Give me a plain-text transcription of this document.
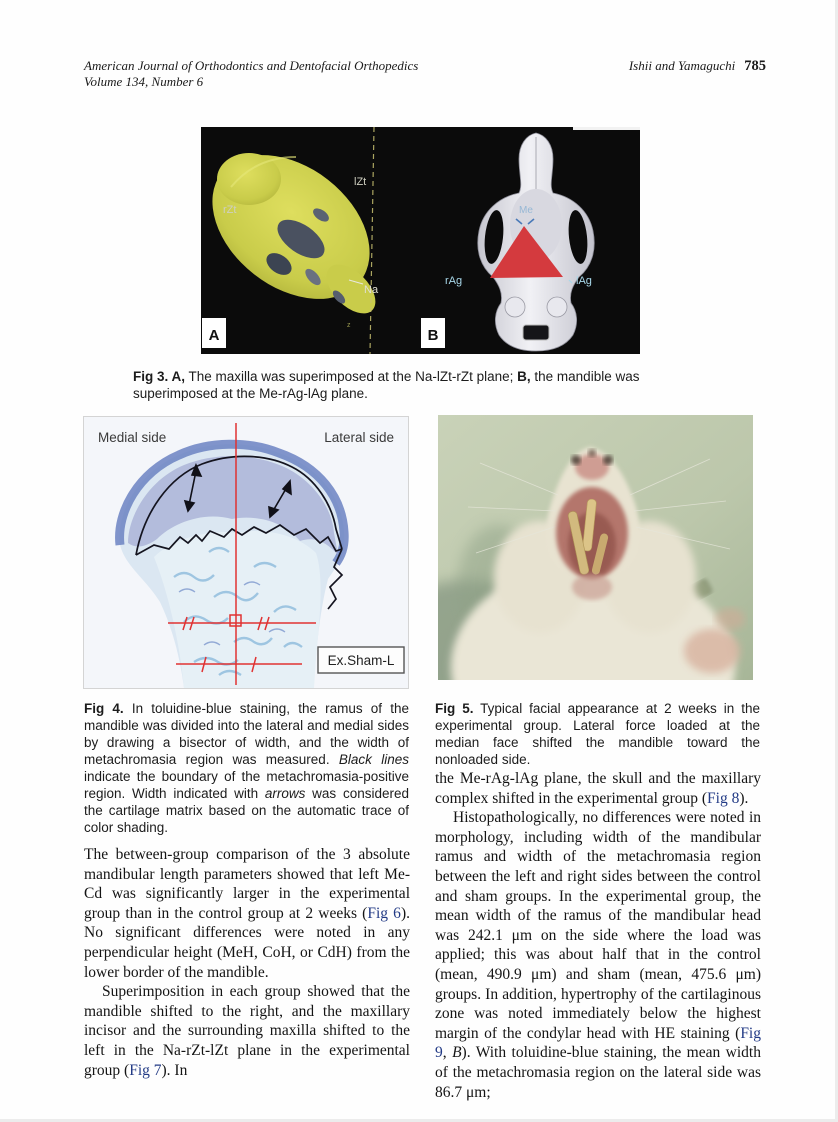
American Journal of Orthodontics and Dentofacial Orthopedics
Volume 134, Number 6
Ishii and Yamaguchi 785
rZt
lZt
Na
z
A
Me
rAg	lAg
B
Fig 3. A, The maxilla was superimposed at the Na-lZt-rZt plane; B, the mandible was superimposed at the Me-rAg-lAg plane.
Medial side	Lateral side
Ex.Sham-L
Fig 4. In toluidine-blue staining, the ramus of the mandible was divided into the lateral and medial sides by drawing a bisector of width, and the width of metachromasia region was measured. Black lines indicate the boundary of the metachromasia-positive region. Width indicated with arrows was considered the cartilage matrix based on the automatic trace of color shading.
Fig 5. Typical facial appearance at 2 weeks in the experimental group. Lateral force loaded at the median face shifted the mandible toward the nonloaded side.

The between-group comparison of the 3 absolute mandibular length parameters showed that left Me-Cd was significantly larger in the experimental group than in the control group at 2 weeks (Fig 6). No significant differences were noted in any perpendicular height (MeH, CoH, or CdH) from the lower border of the mandible.

Superimposition in each group showed that the mandible shifted to the right, and the maxillary incisor and the surrounding maxilla shifted to the left in the Na-rZt-lZt plane in the experimental group (Fig 7). In

the Me-rAg-lAg plane, the skull and the maxillary complex shifted in the experimental group (Fig 8).

Histopathologically, no differences were noted in morphology, including width of the mandibular ramus and width of the metachromasia region between the left and right sides between the control and sham groups. In the experimental group, the mean width of the ramus of the mandibular head was 242.1 μm on the side where the load was applied; this was about half that in the control (mean, 490.9 μm) and sham (mean, 475.6 μm) groups. In addition, hypertrophy of the cartilaginous zone was noted immediately below the highest margin of the condylar head with HE staining (Fig 9, B). With toluidine-blue staining, the mean width of the metachromasia region on the lateral side was 86.7 μm;
